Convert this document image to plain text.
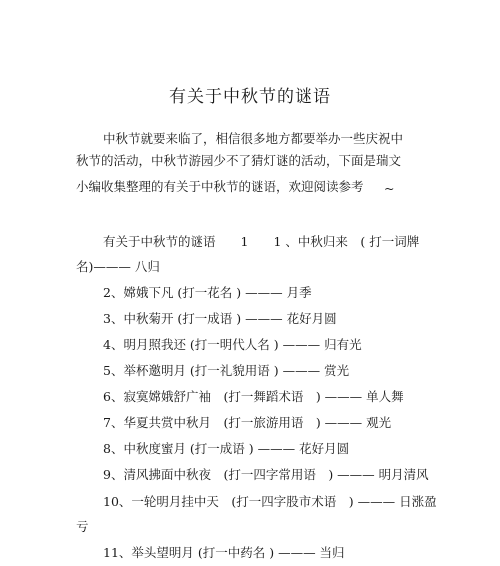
有关于中秋节的谜语
中秋节就要来临了，相信很多地方都要举办一些庆祝中
秋节的活动，中秋节游园少不了猜灯谜的活动，下面是瑞文
小编收集整理的有关于中秋节的谜语，欢迎阅读参考 ~
有关于中秋节的谜语　　1　　1 、中秋归来　( 打一词牌
名)——— 八归
2、嫦娥下凡 (打一花名 ) ——— 月季
3、中秋菊开 (打一成语 ) ——— 花好月圆
4、明月照我还 (打一明代人名 ) ——— 归有光
5、举杯邀明月 (打一礼貌用语 ) ——— 赏光
6、寂寞嫦娥舒广袖　(打一舞蹈术语　) ——— 单人舞
7、华夏共赏中秋月　(打一旅游用语　) ——— 观光
8、中秋度蜜月 (打一成语 ) ——— 花好月圆
9、清风拂面中秋夜　(打一四字常用语　) ——— 明月清风
10、一轮明月挂中天　(打一四字股市术语　) ——— 日涨盈
亏
11、举头望明月 (打一中药名 ) ——— 当归
